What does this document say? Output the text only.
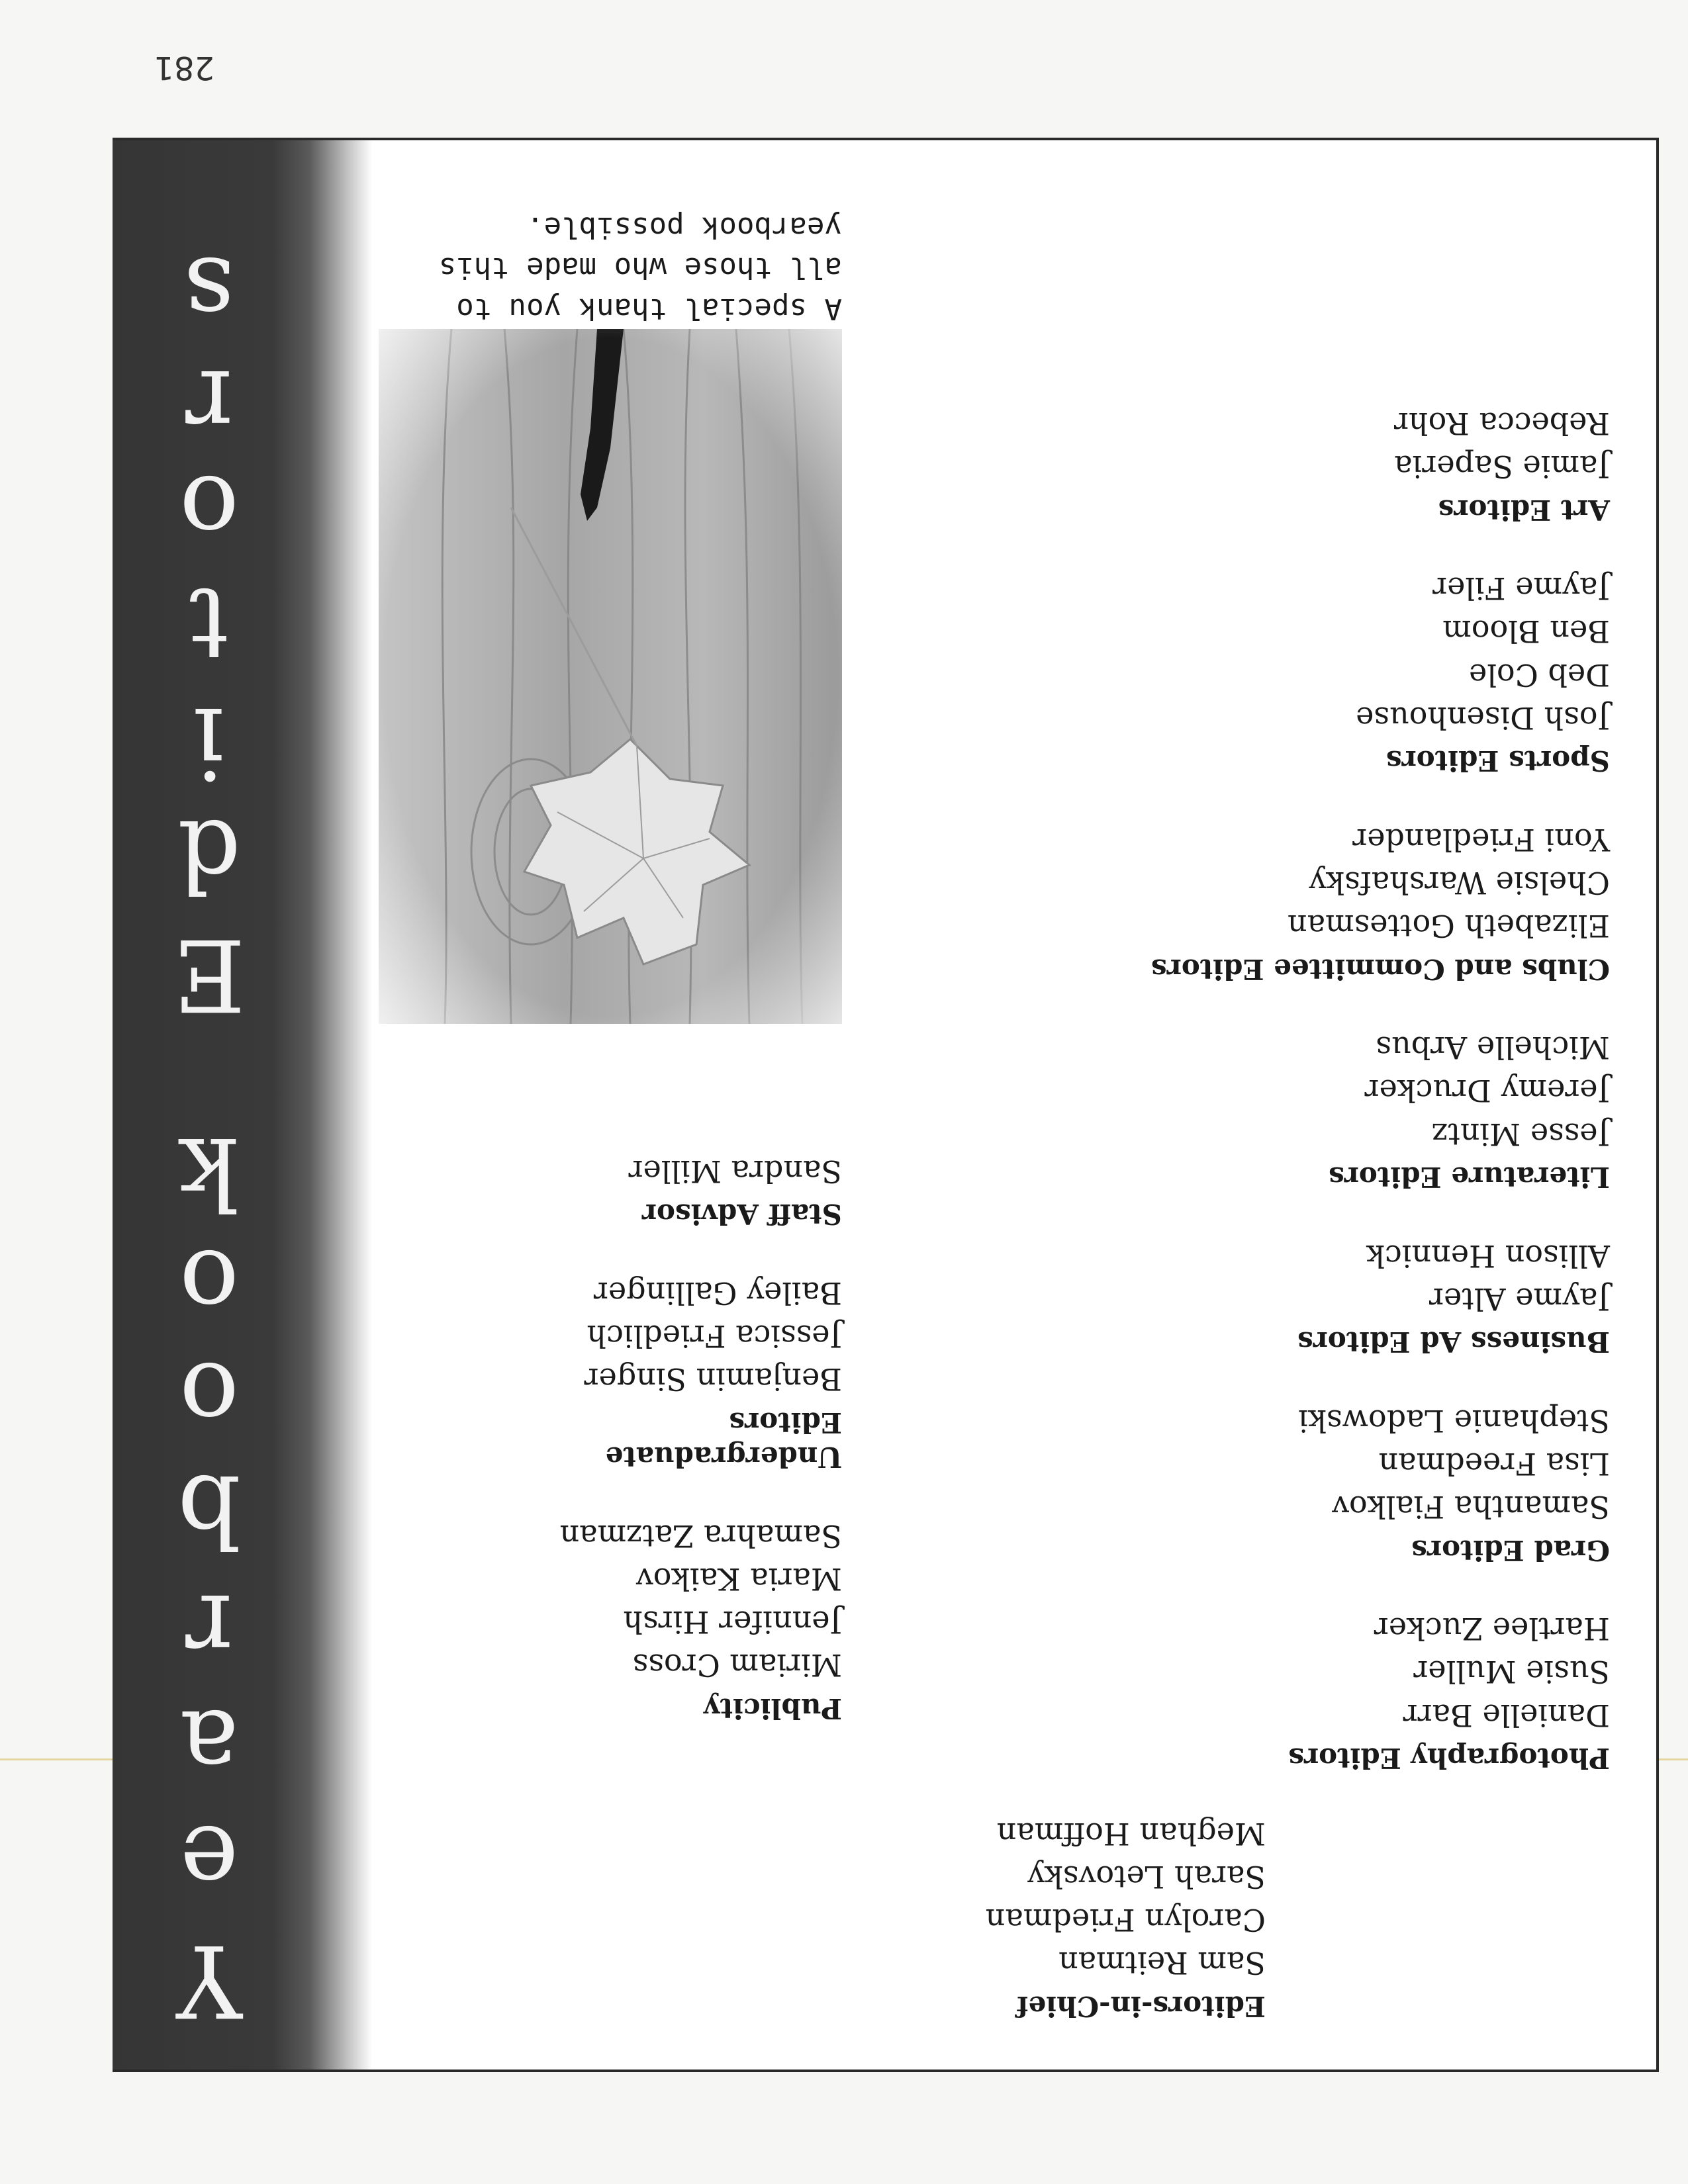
Editors-in-Chief
Sam Reitman
Carolyn Friedman
Sarah Letovsky
Meghan Hoffman
Photography Editors
Danielle Barr
Susie Muller
Hartlee Zucker
Grad Editors
Samantha Fialkov
Lisa Freedman
Stephanie Ladowski
Business Ad Editors
Jayme Alter
Allison Hennick
Literature Editors
Jesse Mintz
Jeremy Drucker
Michelle Arbus
Clubs and Committee Editors
Elizabeth Gottesman
Chelsie Warshafsky
Yoni Friedlander
Sports Editors
Josh Disenhouse
Deb Cole
Ben Bloom
Jayme Filer
Art Editors
Jamie Saperia
Rebecca Rohr
Publicity
Miriam Cross
Jennifer Hirsh
Maria Kaikov
Samahra Zatzman
Undergraduate Editors
Benjamin Singer
Jessica Friedlich
Bailey Gallinger
Staff Advisor
Sandra Miller
A special thank you to
all those who made this
yearbook possible.
Y
e
a
r
b
o
o
k
E
d
i
t
o
r
s
281
